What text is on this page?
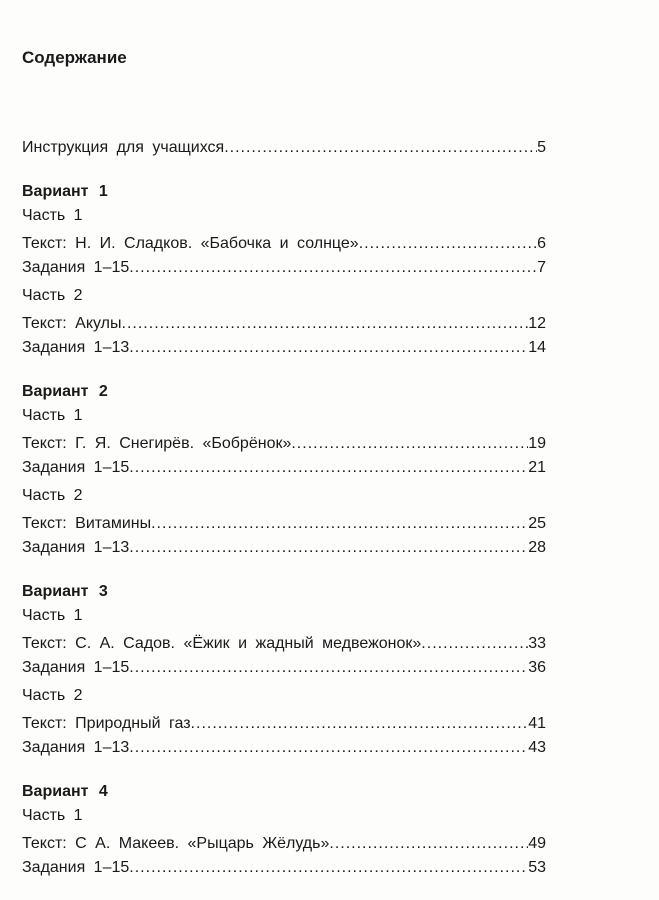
Содержание
Инструкция для учащихся .....	5
Вариант 1
Часть 1
Текст: Н. И. Сладков. «Бабочка и солнце» .....	6
Задания 1–15 .....	7
Часть 2
Текст: Акулы .....	12
Задания 1–13 .....	14
Вариант 2
Часть 1
Текст: Г. Я. Снегирёв. «Бобрёнок» .....	19
Задания 1–15 .....	21
Часть 2
Текст: Витамины .....	25
Задания 1–13 .....	28
Вариант 3
Часть 1
Текст: С. А. Садов. «Ёжик и жадный медвежонок» .....	33
Задания 1–15 .....	36
Часть 2
Текст: Природный газ .....	41
Задания 1–13 .....	43
Вариант 4
Часть 1
Текст: С А. Макеев. «Рыцарь Жёлудь» .....	49
Задания 1–15 .....	53
